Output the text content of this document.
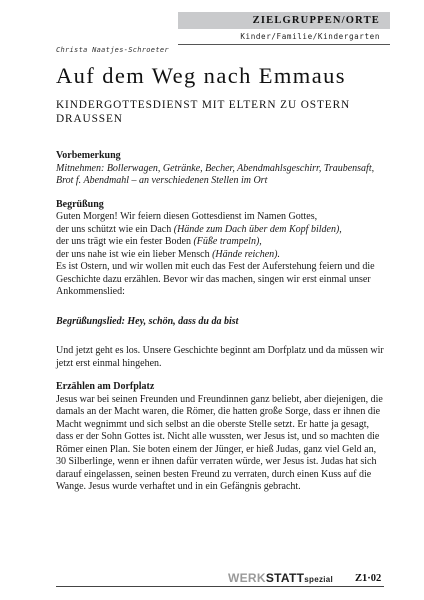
ZIELGRUPPEN/ORTE
Kinder/Familie/Kindergarten
Christa Naatjes-Schroeter
Auf dem Weg nach Emmaus
KINDERGOTTESDIENST MIT ELTERN ZU OSTERN DRAUSSEN

Vorbemerkung

Mitnehmen: Bollerwagen, Getränke, Becher, Abendmahlsgeschirr, Traubensaft, Brot f. Abendmahl – an verschiedenen Stellen im Ort

Begrüßung

Guten Morgen! Wir feiern diesen Gottesdienst im Namen Gottes,

der uns schützt wie ein Dach (Hände zum Dach über dem Kopf bilden),

der uns trägt wie ein fester Boden (Füße trampeln),

der uns nahe ist wie ein lieber Mensch (Hände reichen).

Es ist Ostern, und wir wollen mit euch das Fest der Auferstehung feiern und die Geschichte dazu erzählen. Bevor wir das machen, singen wir erst einmal unser Ankommenslied:

Begrüßungslied: Hey, schön, dass du da bist

Und jetzt geht es los. Unsere Geschichte beginnt am Dorfplatz und da müssen wir jetzt erst einmal hingehen.

Erzählen am Dorfplatz

Jesus war bei seinen Freunden und Freundinnen ganz beliebt, aber diejenigen, die damals an der Macht waren, die Römer, die hatten große Sorge, dass er ihnen die Macht wegnimmt und sich selbst an die oberste Stelle setzt. Er hatte ja gesagt, dass er der Sohn Gottes ist. Nicht alle wussten, wer Jesus ist, und so machten die Römer einen Plan. Sie boten einem der Jünger, er hieß Judas, ganz viel Geld an, 30 Silberlinge, wenn er ihnen dafür verraten würde, wer Jesus ist. Judas hat sich darauf eingelassen, seinen besten Freund zu verraten, durch einen Kuss auf die Wange. Jesus wurde verhaftet und in ein Gefängnis gebracht.

WERKSTATTspezial Z1·02
